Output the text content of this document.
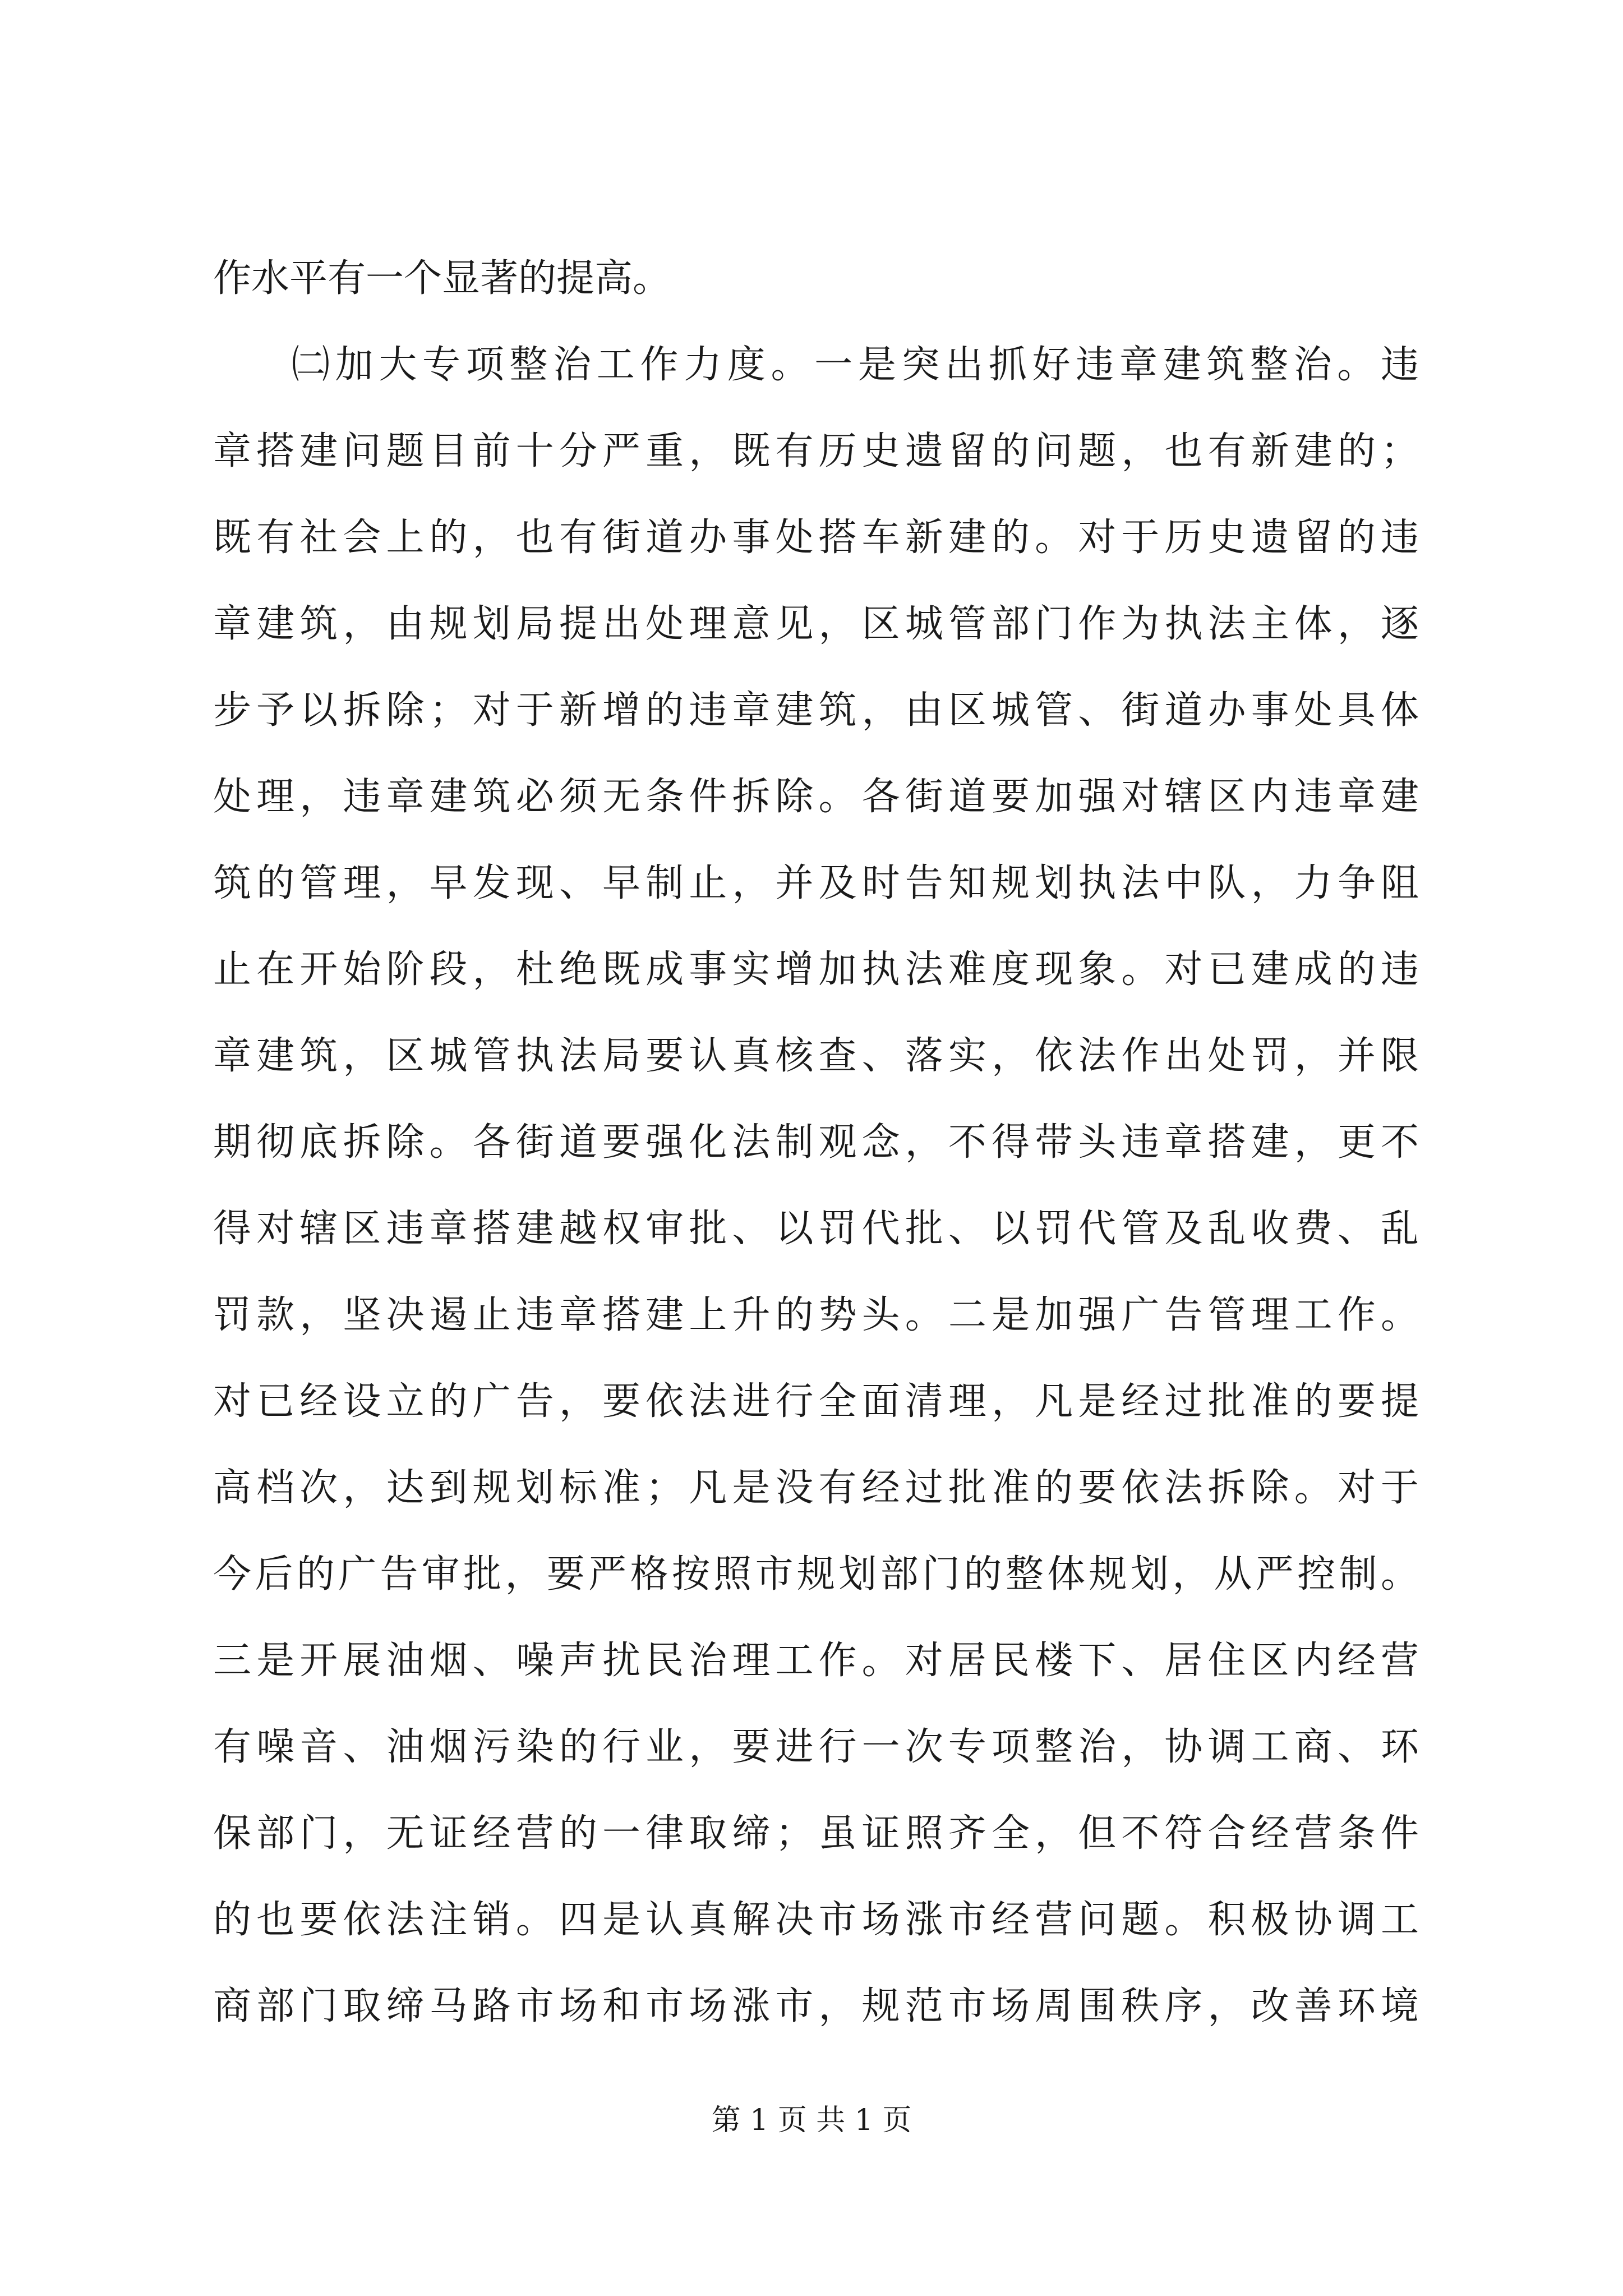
作水平有一个显著的提高。
㈡加大专项整治工作力度。一是突出抓好违章建筑整治。违
章搭建问题目前十分严重，既有历史遗留的问题，也有新建的；
既有社会上的，也有街道办事处搭车新建的。对于历史遗留的违
章建筑，由规划局提出处理意见，区城管部门作为执法主体，逐
步予以拆除；对于新增的违章建筑，由区城管、街道办事处具体
处理，违章建筑必须无条件拆除。各街道要加强对辖区内违章建
筑的管理，早发现、早制止，并及时告知规划执法中队，力争阻
止在开始阶段，杜绝既成事实增加执法难度现象。对已建成的违
章建筑，区城管执法局要认真核查、落实，依法作出处罚，并限
期彻底拆除。各街道要强化法制观念，不得带头违章搭建，更不
得对辖区违章搭建越权审批、以罚代批、以罚代管及乱收费、乱
罚款，坚决遏止违章搭建上升的势头。二是加强广告管理工作。
对已经设立的广告，要依法进行全面清理，凡是经过批准的要提
高档次，达到规划标准；凡是没有经过批准的要依法拆除。对于
今后的广告审批，要严格按照市规划部门的整体规划，从严控制。
三是开展油烟、噪声扰民治理工作。对居民楼下、居住区内经营
有噪音、油烟污染的行业，要进行一次专项整治，协调工商、环
保部门，无证经营的一律取缔；虽证照齐全，但不符合经营条件
的也要依法注销。四是认真解决市场涨市经营问题。积极协调工
商部门取缔马路市场和市场涨市，规范市场周围秩序，改善环境
第 1 页 共 1 页
